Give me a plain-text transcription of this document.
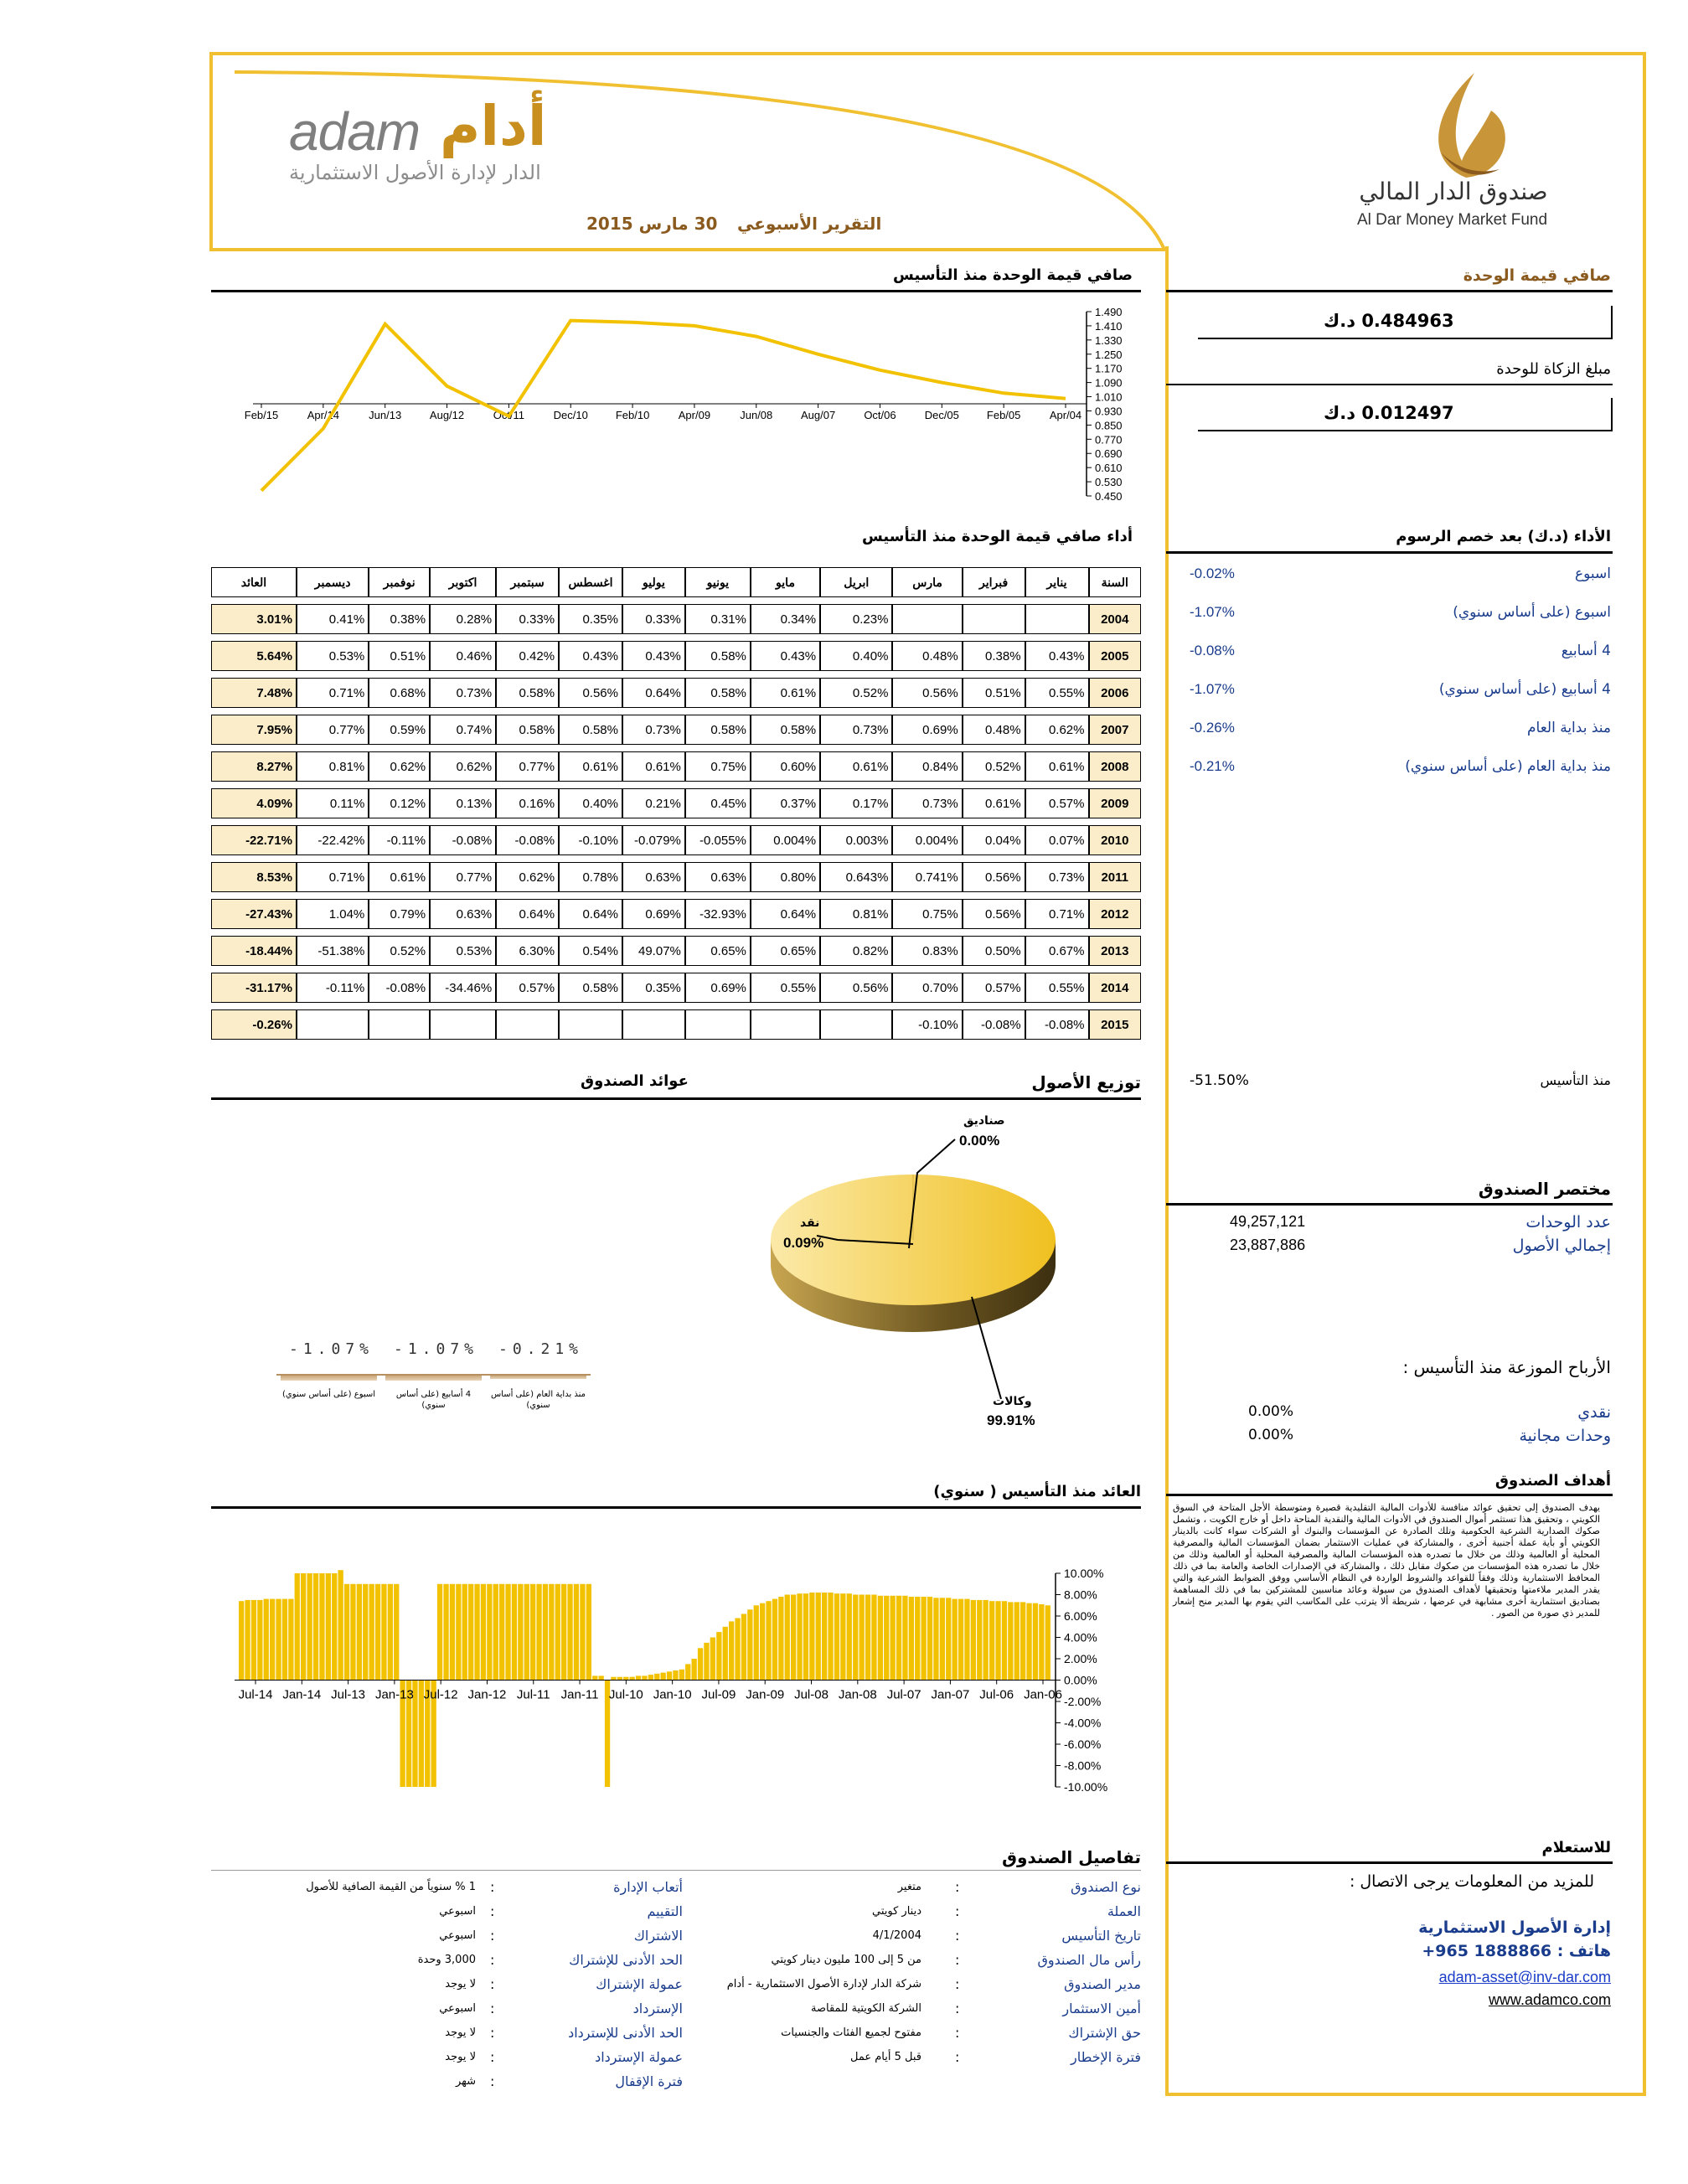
adam أدام
الدار لإدارة الأصول الاستثمارية
التقرير الأسبوعي
30 مارس 2015
صندوق الدار المالي
Al Dar Money Market Fund
صافي قيمة الوحدة
0.484963 د.ك
مبلغ الزكاة للوحدة
0.012497 د.ك
الأداء (د.ك) بعد خصم الرسوم
اسبوع
-0.02%
اسبوع (على أساس سنوي)
-1.07%
4 أسابيع
-0.08%
4 أسابيع (على أساس سنوي)
-1.07%
منذ بداية العام
-0.26%
منذ بداية العام (على أساس سنوي)
-0.21%
منذ التأسيس
-51.50%
مختصر الصندوق
عدد الوحدات
49,257,121
إجمالي الأصول
23,887,886
الأرباح الموزعة منذ التأسيس :
نقدي
0.00%
وحدات مجانية
0.00%
أهداف الصندوق
يهدف الصندوق إلى تحقيق عوائد منافسة للأدوات المالية التقليدية قصيرة ومتوسطة الأجل المتاحة في السوق الكويتي ، وتحقيق هذا تستثمر أموال الصندوق في الأدوات المالية والنقدية المتاحة داخل أو خارج الكويت ، وتشمل صكوك الصدارية الشرعية الحكومية وتلك الصادرة عن المؤسسات والبنوك أو الشركات سواء كانت بالدينار الكويتي أو بأية عملة أجنبية أخرى ، والمشاركة في عمليات الاستثمار بضمان المؤسسات المالية والمصرفية المحلية أو العالمية وذلك من خلال ما تصدره هذه المؤسسات المالية والمصرفية المحلية أو العالمية وذلك من خلال ما تصدره هذه المؤسسات من صكوك مقابل ذلك ، والمشاركة في الإصدارات الخاصة والعامة بما في ذلك المحافظ الاستثمارية وذلك وفقاً للقواعد والشروط الواردة في النظام الأساسي ووفق الضوابط الشرعية والتي يقدر المدير ملاءمتها وتحقيقها لأهداف الصندوق من سيولة وعائد مناسبين للمشتركين بما في ذلك المساهمة بصناديق استثمارية أخرى مشابهة في عرضها ، شريطة ألا يترتب على المكاسب التي يقوم بها المدير منح إشعار للمدير ذي صورة من الصور .
للاستعلام
للمزيد من المعلومات يرجى الاتصال :
إدارة الأصول الاستثمارية
هاتف : 1888866 965+
adam-asset@inv-dar.com
www.adamco.com
صافي قيمة الوحدة منذ التأسيس
1.490
1.410
1.330
1.250
1.170
1.090
1.010
0.930
0.850
0.770
0.690
0.610
0.530
0.450
Apr/04
Feb/05
Dec/05
Oct/06
Aug/07
Jun/08
Apr/09
Feb/10
Dec/10
Oct/11
Aug/12
Jun/13
Apr/14
Feb/15
أداء صافي قيمة الوحدة منذ التأسيس
العائد	ديسمبر	نوفمبر	اكتوبر	سبتمبر	اغسطس	يوليو	يونيو	مايو	ابريل	مارس	فبراير	يناير	السنة
3.01%	0.41%	0.38%	0.28%	0.33%	0.35%	0.33%	0.31%	0.34%	0.23%				2004
5.64%	0.53%	0.51%	0.46%	0.42%	0.43%	0.43%	0.58%	0.43%	0.40%	0.48%	0.38%	0.43%	2005
7.48%	0.71%	0.68%	0.73%	0.58%	0.56%	0.64%	0.58%	0.61%	0.52%	0.56%	0.51%	0.55%	2006
7.95%	0.77%	0.59%	0.74%	0.58%	0.58%	0.73%	0.58%	0.58%	0.73%	0.69%	0.48%	0.62%	2007
8.27%	0.81%	0.62%	0.62%	0.77%	0.61%	0.61%	0.75%	0.60%	0.61%	0.84%	0.52%	0.61%	2008
4.09%	0.11%	0.12%	0.13%	0.16%	0.40%	0.21%	0.45%	0.37%	0.17%	0.73%	0.61%	0.57%	2009
-22.71%	-22.42%	-0.11%	-0.08%	-0.08%	-0.10%	-0.079%	-0.055%	0.004%	0.003%	0.004%	0.04%	0.07%	2010
8.53%	0.71%	0.61%	0.77%	0.62%	0.78%	0.63%	0.63%	0.80%	0.643%	0.741%	0.56%	0.73%	2011
-27.43%	1.04%	0.79%	0.63%	0.64%	0.64%	0.69%	-32.93%	0.64%	0.81%	0.75%	0.56%	0.71%	2012
-18.44%	-51.38%	0.52%	0.53%	6.30%	0.54%	49.07%	0.65%	0.65%	0.82%	0.83%	0.50%	0.67%	2013
-31.17%	-0.11%	-0.08%	-34.46%	0.57%	0.58%	0.35%	0.69%	0.55%	0.56%	0.70%	0.57%	0.55%	2014
-0.26%										-0.10%	-0.08%	-0.08%	2015
توزيع الأصول
عوائد الصندوق
صناديق
0.00%
نقد
0.09%
وكالات
99.91%
-1.07%
اسبوع (على أساس سنوي)
-1.07%
4 أسابيع (على أساس سنوي)
-0.21%
منذ بداية العام (على أساس سنوي)
العائد منذ التأسيس ( سنوي)
10.00%
8.00%
6.00%
4.00%
2.00%
0.00%
-2.00%
-4.00%
-6.00%
-8.00%
-10.00%
Jul-14 Jan-14 Jul-13 Jan-13 Jul-12 Jan-12 Jul-11 Jan-11 Jul-10 Jan-10 Jul-09 Jan-09 Jul-08 Jan-08 Jul-07 Jan-07 Jul-06 Jan-06
تفاصيل الصندوق
نوع الصندوق
:
متغير
العملة
:
دينار كويتي
تاريخ التأسيس
:
4/1/2004
رأس مال الصندوق
:
من 5 إلى 100 مليون دينار كويتي
مدير الصندوق
:
شركة الدار لإدارة الأصول الاستثمارية - أدام
أمين الاستثمار
:
الشركة الكويتية للمقاصة
حق الإشتراك
:
مفتوح لجميع الفئات والجنسيات
فترة الإخطار
:
قبل 5 أيام عمل
أتعاب الإدارة
:
1 % سنوياً من القيمة الصافية للأصول
التقييم
:
اسبوعي
الاشتراك
:
اسبوعي
الحد الأدنى للإشتراك
:
3,000 وحدة
عمولة الإشتراك
:
لا يوجد
الإسترداد
:
اسبوعي
الحد الأدنى للإسترداد
:
لا يوجد
عمولة الإسترداد
:
لا يوجد
فترة الإقفال
:
شهر
